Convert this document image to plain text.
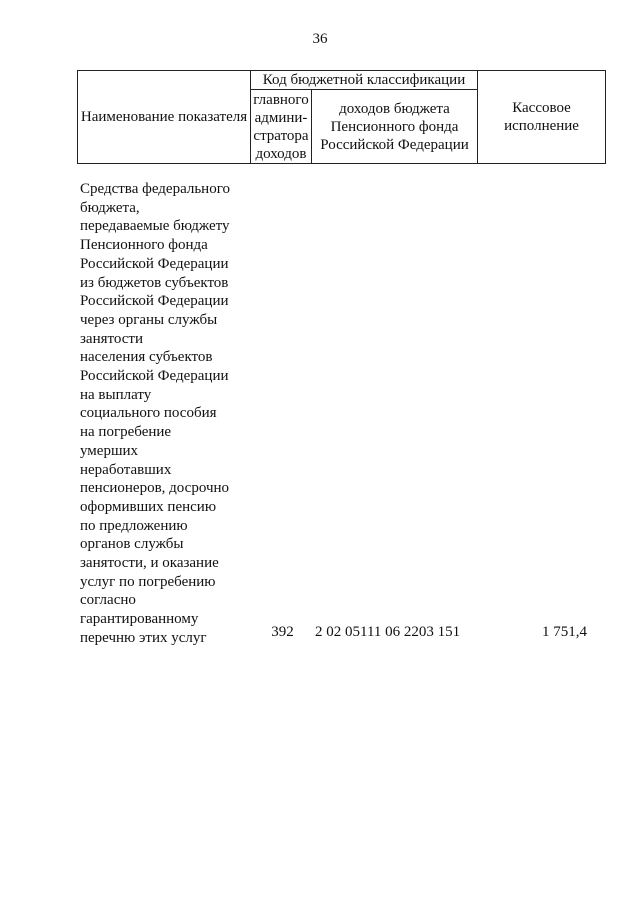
36
Наименование показателя	Код бюджетной классификации		Кассовое исполнение

	главного админи-стратора доходов	доходов бюджета Пенсионного фонда Российской Федерации	
Средства федерального
бюджета,
передаваемые бюджету
Пенсионного фонда
Российской Федерации
из бюджетов субъектов
Российской Федерации
через органы службы
занятости
населения субъектов
Российской Федерации
на выплату
социального пособия
на погребение
умерших
неработавших
пенсионеров, досрочно
оформивших пенсию
по предложению
органов службы
занятости, и оказание
услуг по погребению
согласно
гарантированному
перечню этих услуг	392	2 02 05111 06 2203 151	1 751,4
